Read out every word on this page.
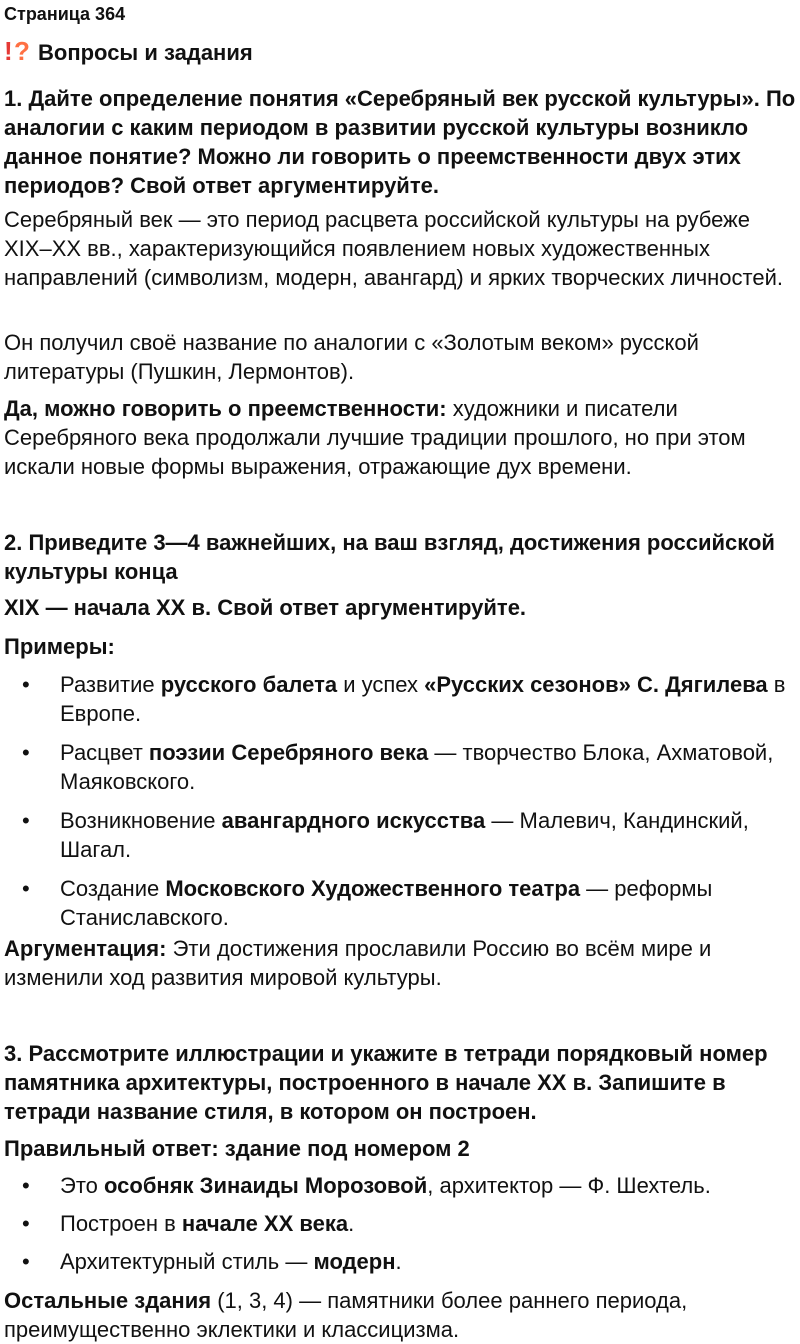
Страница 364
! ? Вопросы и задания
1. Дайте определение понятия «Серебряный век русской культуры». По аналогии с каким периодом в развитии русской культуры возникло данное понятие? Можно ли говорить о преемственности двух этих периодов? Свой ответ аргументируйте.
Серебряный век — это период расцвета российской культуры на рубеже XIX–XX вв., характеризующийся появлением новых художественных направлений (символизм, модерн, авангард) и ярких творческих личностей.
Он получил своё название по аналогии с «Золотым веком» русской литературы (Пушкин, Лермонтов).
Да, можно говорить о преемственности: художники и писатели Серебряного века продолжали лучшие традиции прошлого, но при этом искали новые формы выражения, отражающие дух времени.
2. Приведите 3—4 важнейших, на ваш взгляд, достижения российской культуры конца
XIX — начала XX в. Свой ответ аргументируйте.
Примеры:
• Развитие русского балета и успех «Русских сезонов» С. Дягилева в Европе.
• Расцвет поэзии Серебряного века — творчество Блока, Ахматовой, Маяковского.
• Возникновение авангардного искусства — Малевич, Кандинский, Шагал.
• Создание Московского Художественного театра — реформы Станиславского.
Аргументация: Эти достижения прославили Россию во всём мире и изменили ход развития мировой культуры.
3. Рассмотрите иллюстрации и укажите в тетради порядковый номер памятника архитектуры, построенного в начале XX в. Запишите в тетради название стиля, в котором он построен.
Правильный ответ: здание под номером 2
• Это особняк Зинаиды Морозовой, архитектор — Ф. Шехтель.
• Построен в начале XX века.
• Архитектурный стиль — модерн.
Остальные здания (1, 3, 4) — памятники более раннего периода, преимущественно эклектики и классицизма.
